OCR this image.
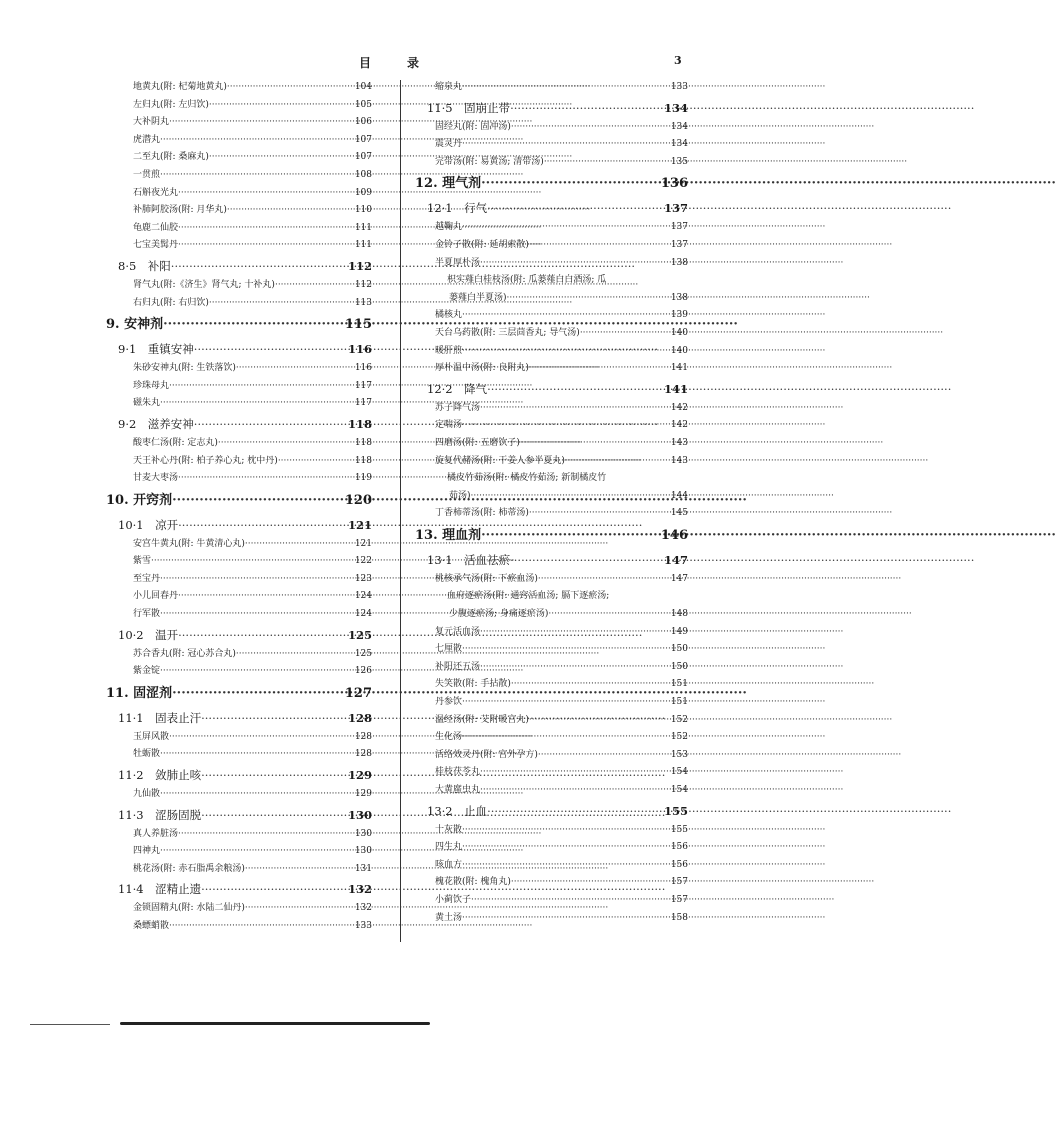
目	录	3
地黄丸(附: 杞菊地黄丸) ·····	104
左归丸(附: 左归饮) ·····	105
大补阴丸 ·····	106
虎潜丸 ·····	107
二至丸(附: 桑麻丸) ·····	107
一贯煎 ·····	108
石斛夜光丸 ·····	109
补肺阿胶汤(附: 月华丸) ·····	110
龟鹿二仙胶 ·····	111
七宝美髯丹 ·····	111
8·5　补阳 ·····	112
肾气丸(附:《济生》肾气丸; 十补丸) ·····	112
右归丸(附: 右归饮) ·····	113
9. 安神剂 ·····	115
9·1　重镇安神 ·····	116
朱砂安神丸(附: 生铁落饮) ·····	116
珍珠母丸 ·····	117
磁朱丸 ·····	117
9·2　滋养安神 ·····	118
酸枣仁汤(附: 定志丸) ·····	118
天王补心丹(附: 柏子养心丸; 枕中丹) ·····	118
甘麦大枣汤 ·····	119
10. 开窍剂 ·····	120
10·1　凉开 ·····	121
安宫牛黄丸(附: 牛黄清心丸) ·····	121
紫雪 ·····	122
至宝丹 ·····	123
小儿回春丹 ·····	124
行军散 ·····	124
10·2　温开 ·····	125
苏合香丸(附: 冠心苏合丸) ·····	125
紫金锭 ·····	126
11. 固涩剂 ·····	127
11·1　固表止汗 ·····	128
玉屏风散 ·····	128
牡蛎散 ·····	128
11·2　敛肺止咳 ·····	129
九仙散 ·····	129
11·3　涩肠固脱 ·····	130
真人养脏汤 ·····	130
四神丸 ·····	130
桃花汤(附: 赤石脂禹余粮汤) ·····	131
11·4　涩精止遗 ·····	132
金锁固精丸(附: 水陆二仙丹) ·····	132
桑螵蛸散 ·····	133
缩泉丸 ·····	133
11·5　固崩止带 ·····	134
固经丸(附: 固冲汤) ·····	134
震灵丹 ·····	134
完带汤(附: 易黄汤; 清带汤) ·····	135
12. 理气剂 ·····	136
12·1　行气 ·····	137
越鞠丸 ·····	137
金铃子散(附: 延胡索散) ·····	137
半夏厚朴汤 ·····	138
枳实薤白桂枝汤(附: 瓜蒌薤白白酒汤; 瓜
蒌薤白半夏汤) ·····	138
橘核丸 ·····	139
天台乌药散(附: 三层茴香丸; 导气汤) ·····	140
暖肝煎 ·····	140
厚朴温中汤(附: 良附丸) ·····	141
12·2　降气 ·····	141
苏子降气汤 ·····	142
定喘汤 ·····	142
四磨汤(附: 五磨饮子) ·····	143
旋复代赭汤(附: 干姜人参半夏丸) ·····	143
橘皮竹茹汤(附: 橘皮竹茹汤; 新制橘皮竹
茹汤) ·····	144
丁香柿蒂汤(附: 柿蒂汤) ·····	145
13. 理血剂 ·····	146
13·1　活血祛瘀 ·····	147
桃核承气汤(附: 下瘀血汤) ·····	147
血府逐瘀汤(附: 通窍活血汤; 膈下逐瘀汤;
少腹逐瘀汤; 身痛逐瘀汤) ·····	148
复元活血汤 ·····	149
七厘散 ·····	150
补阳还五汤 ·····	150
失笑散(附: 手拈散) ·····	151
丹参饮 ·····	151
温经汤(附: 艾附暖宫丸) ·····	152
生化汤 ·····	152
活络效灵丹(附: 宫外孕方) ·····	153
桂枝茯苓丸 ·····	154
大黄䗪虫丸 ·····	154
13·2　止血 ·····	155
十灰散 ·····	155
四生丸 ·····	156
咳血方 ·····	156
槐花散(附: 槐角丸) ·····	157
小蓟饮子 ·····	157
黄土汤 ·····	158
